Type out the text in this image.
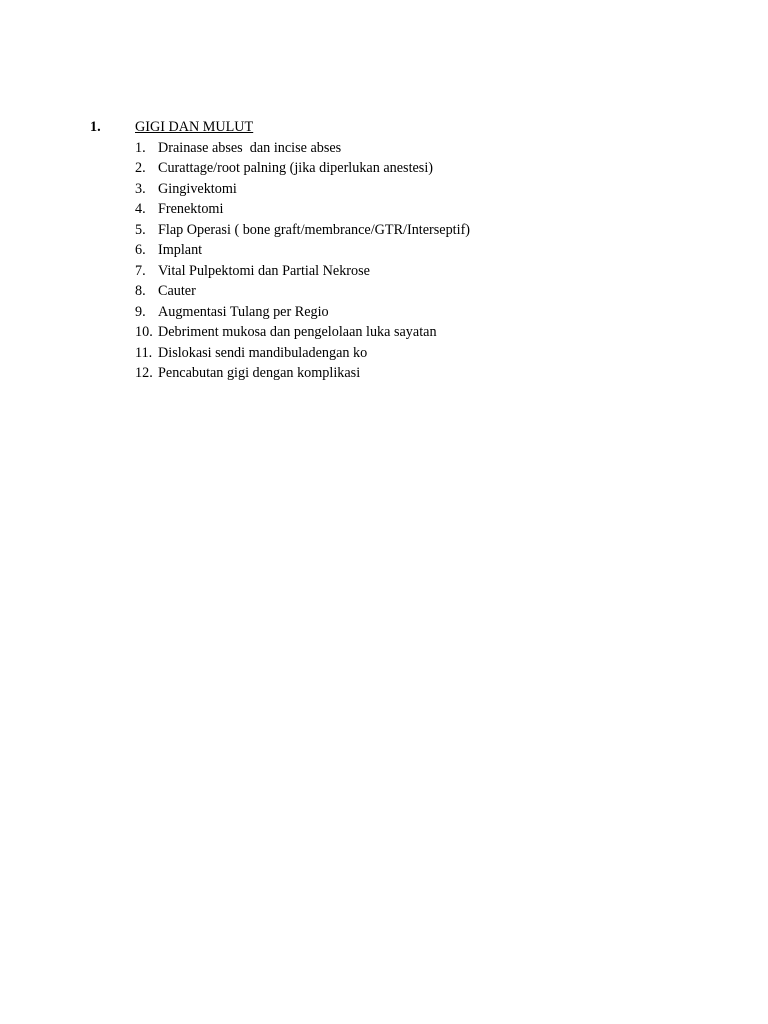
1. GIGI DAN MULUT
1. Drainase abses  dan incise abses
2. Curattage/root palning (jika diperlukan anestesi)
3. Gingivektomi
4. Frenektomi
5. Flap Operasi ( bone graft/membrance/GTR/Interseptif)
6. Implant
7. Vital Pulpektomi dan Partial Nekrose
8. Cauter
9. Augmentasi Tulang per Regio
10. Debriment mukosa dan pengelolaan luka sayatan
11. Dislokasi sendi mandibuladengan ko
12. Pencabutan gigi dengan komplikasi
